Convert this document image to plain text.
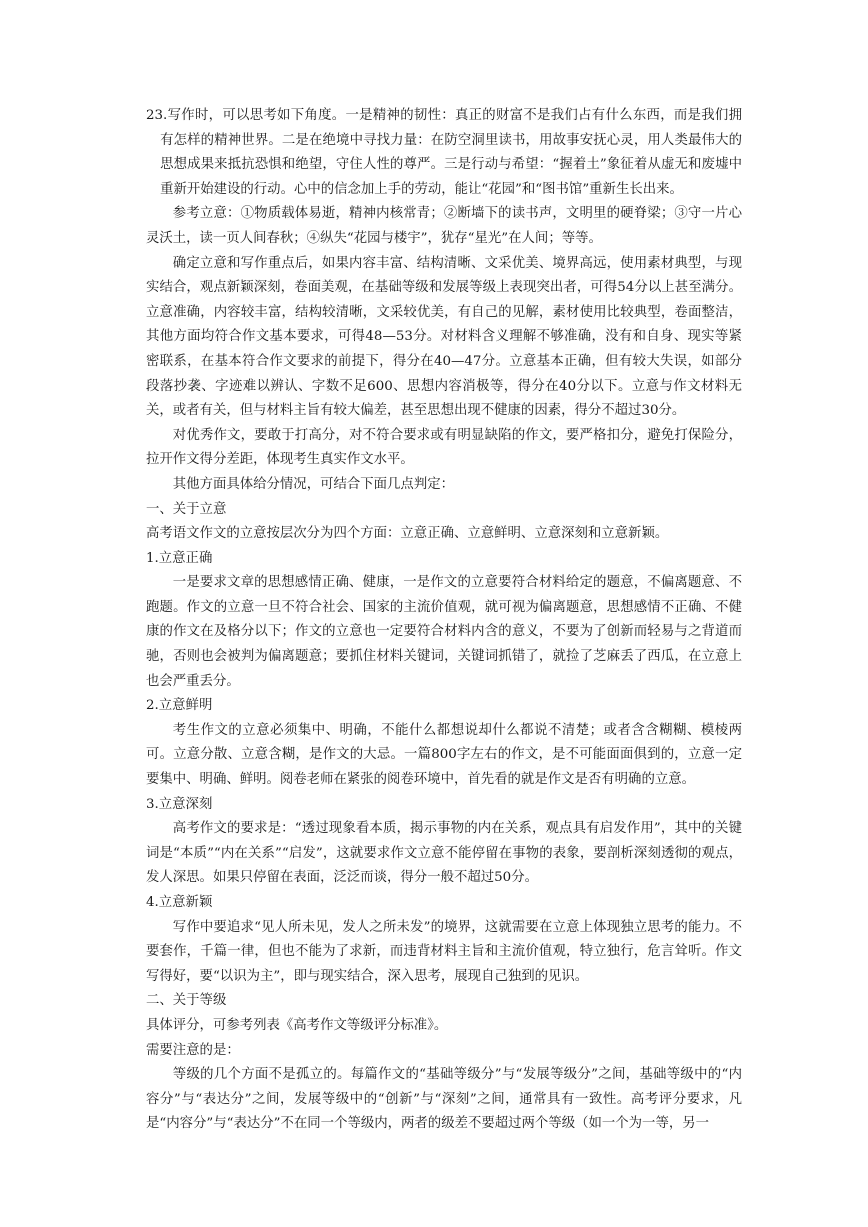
23.写作时，可以思考如下角度。一是精神的韧性：真正的财富不是我们占有什么东西，而是我们拥有怎样的精神世界。二是在绝境中寻找力量：在防空洞里读书，用故事安抚心灵，用人类最伟大的思想成果来抵抗恐惧和绝望，守住人性的尊严。三是行动与希望：“握着土”象征着从虚无和废墟中重新开始建设的行动。心中的信念加上手的劳动，能让“花园”和“图书馆”重新生长出来。

参考立意：①物质载体易逝，精神内核常青；②断墙下的读书声，文明里的硬脊梁；③守一片心灵沃土，读一页人间春秋；④纵失“花园与楼宇”，犹存“星光”在人间；等等。

确定立意和写作重点后，如果内容丰富、结构清晰、文采优美、境界高远，使用素材典型，与现实结合，观点新颖深刻，卷面美观，在基础等级和发展等级上表现突出者，可得54分以上甚至满分。立意准确，内容较丰富，结构较清晰，文采较优美，有自己的见解，素材使用比较典型，卷面整洁，其他方面均符合作文基本要求，可得48—53分。对材料含义理解不够准确，没有和自身、现实等紧密联系，在基本符合作文要求的前提下，得分在40—47分。立意基本正确，但有较大失误，如部分段落抄袭、字迹难以辨认、字数不足600、思想内容消极等，得分在40分以下。立意与作文材料无关，或者有关，但与材料主旨有较大偏差，甚至思想出现不健康的因素，得分不超过30分。

对优秀作文，要敢于打高分，对不符合要求或有明显缺陷的作文，要严格扣分，避免打保险分，拉开作文得分差距，体现考生真实作文水平。

其他方面具体给分情况，可结合下面几点判定：

一、关于立意

高考语文作文的立意按层次分为四个方面：立意正确、立意鲜明、立意深刻和立意新颖。

1.立意正确

一是要求文章的思想感情正确、健康，一是作文的立意要符合材料给定的题意，不偏离题意、不跑题。作文的立意一旦不符合社会、国家的主流价值观，就可视为偏离题意，思想感情不正确、不健康的作文在及格分以下；作文的立意也一定要符合材料内含的意义，不要为了创新而轻易与之背道而驰，否则也会被判为偏离题意；要抓住材料关键词，关键词抓错了，就捡了芝麻丢了西瓜，在立意上也会严重丢分。

2.立意鲜明

考生作文的立意必须集中、明确，不能什么都想说却什么都说不清楚；或者含含糊糊、模棱两可。立意分散、立意含糊，是作文的大忌。一篇800字左右的作文，是不可能面面俱到的，立意一定要集中、明确、鲜明。阅卷老师在紧张的阅卷环境中，首先看的就是作文是否有明确的立意。

3.立意深刻

高考作文的要求是：“透过现象看本质，揭示事物的内在关系，观点具有启发作用”，其中的关键词是“本质”“内在关系”“启发”，这就要求作文立意不能停留在事物的表象，要剖析深刻透彻的观点，发人深思。如果只停留在表面，泛泛而谈，得分一般不超过50分。

4.立意新颖

写作中要追求“见人所未见，发人之所未发”的境界，这就需要在立意上体现独立思考的能力。不要套作，千篇一律，但也不能为了求新，而违背材料主旨和主流价值观，特立独行，危言耸听。作文写得好，要“以识为主”，即与现实结合，深入思考，展现自己独到的见识。

二、关于等级

具体评分，可参考列表《高考作文等级评分标准》。

需要注意的是：

等级的几个方面不是孤立的。每篇作文的“基础等级分”与“发展等级分”之间，基础等级中的“内容分”与“表达分”之间，发展等级中的“创新”与“深刻”之间，通常具有一致性。高考评分要求，凡是“内容分”与“表达分”不在同一个等级内，两者的级差不要超过两个等级（如一个为一等，另一
